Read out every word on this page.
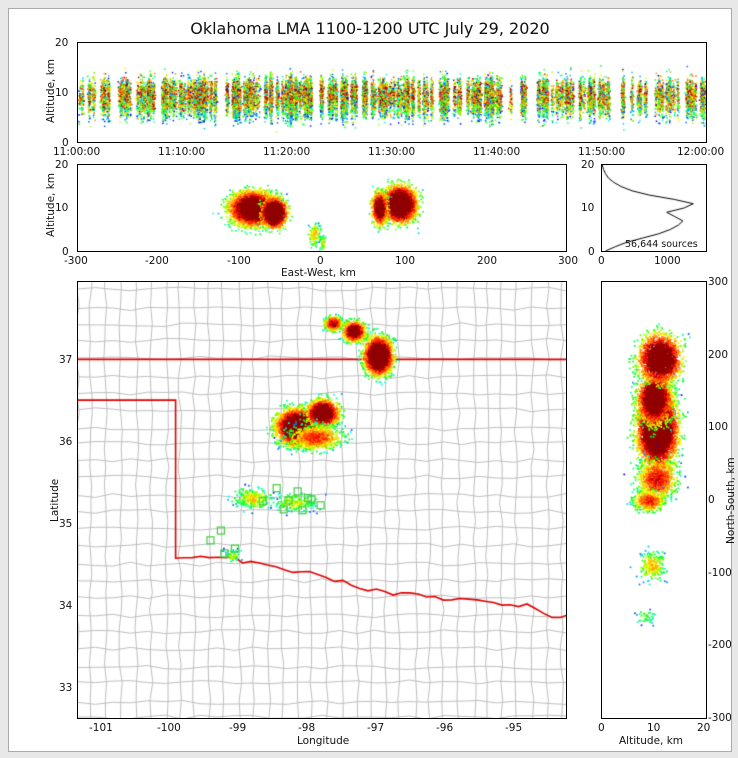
Oklahoma LMA 1100-1200 UTC July 29, 2020
20
10
0
Altitude, km
11:00:00	11:10:00	11:20:00	11:30:00	11:40:00	11:50:00	12:00:00
20
10
0
Altitude, km
-300	-200	-100	0	100	200	300
East-West, km
20
10
0
0	1000
56,644 sources
37
36
35
34
33
Latitude
-101	-100	-99	-98	-97	-96	-95
Longitude
300
200
100
0
-100
-200
-300
North-South, km
0	10	20
Altitude, km
